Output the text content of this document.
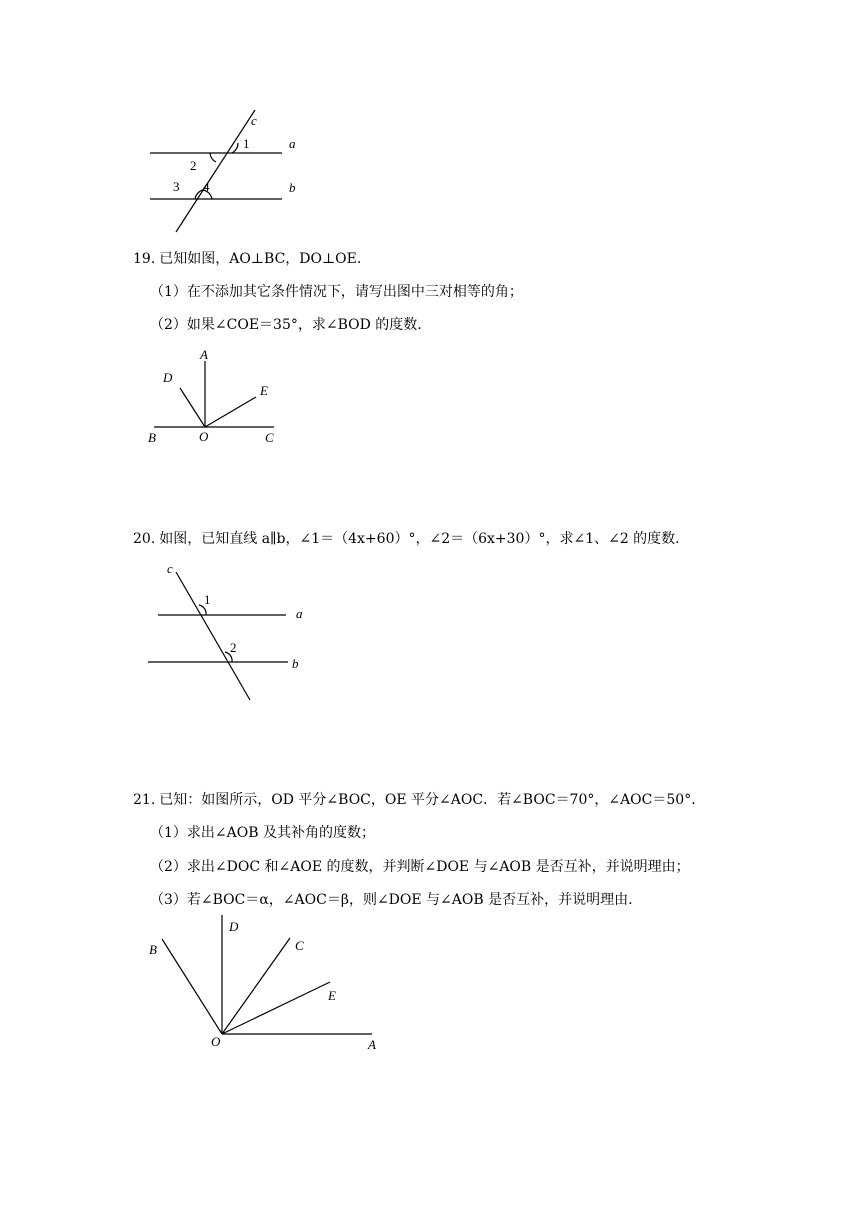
c
a
b
1
2
3 4
19. 已知如图，AO⊥BC，DO⊥OE.
（1）在不添加其它条件情况下，请写出图中三对相等的角；
（2）如果∠COE＝35°，求∠BOD 的度数.
A
D
E
B	O	C
20. 如图，已知直线 a∥b，∠1＝（4x+60）°，∠2＝（6x+30）°，求∠1、∠2 的度数.
c
a
b
1
2
21. 已知：如图所示，OD 平分∠BOC，OE 平分∠AOC．若∠BOC＝70°，∠AOC＝50°．
（1）求出∠AOB 及其补角的度数；
（2）求出∠DOC 和∠AOE 的度数，并判断∠DOE 与∠AOB 是否互补，并说明理由；
（3）若∠BOC＝α，∠AOC＝β，则∠DOE 与∠AOB 是否互补，并说明理由.
B
D
C
E
O	A
